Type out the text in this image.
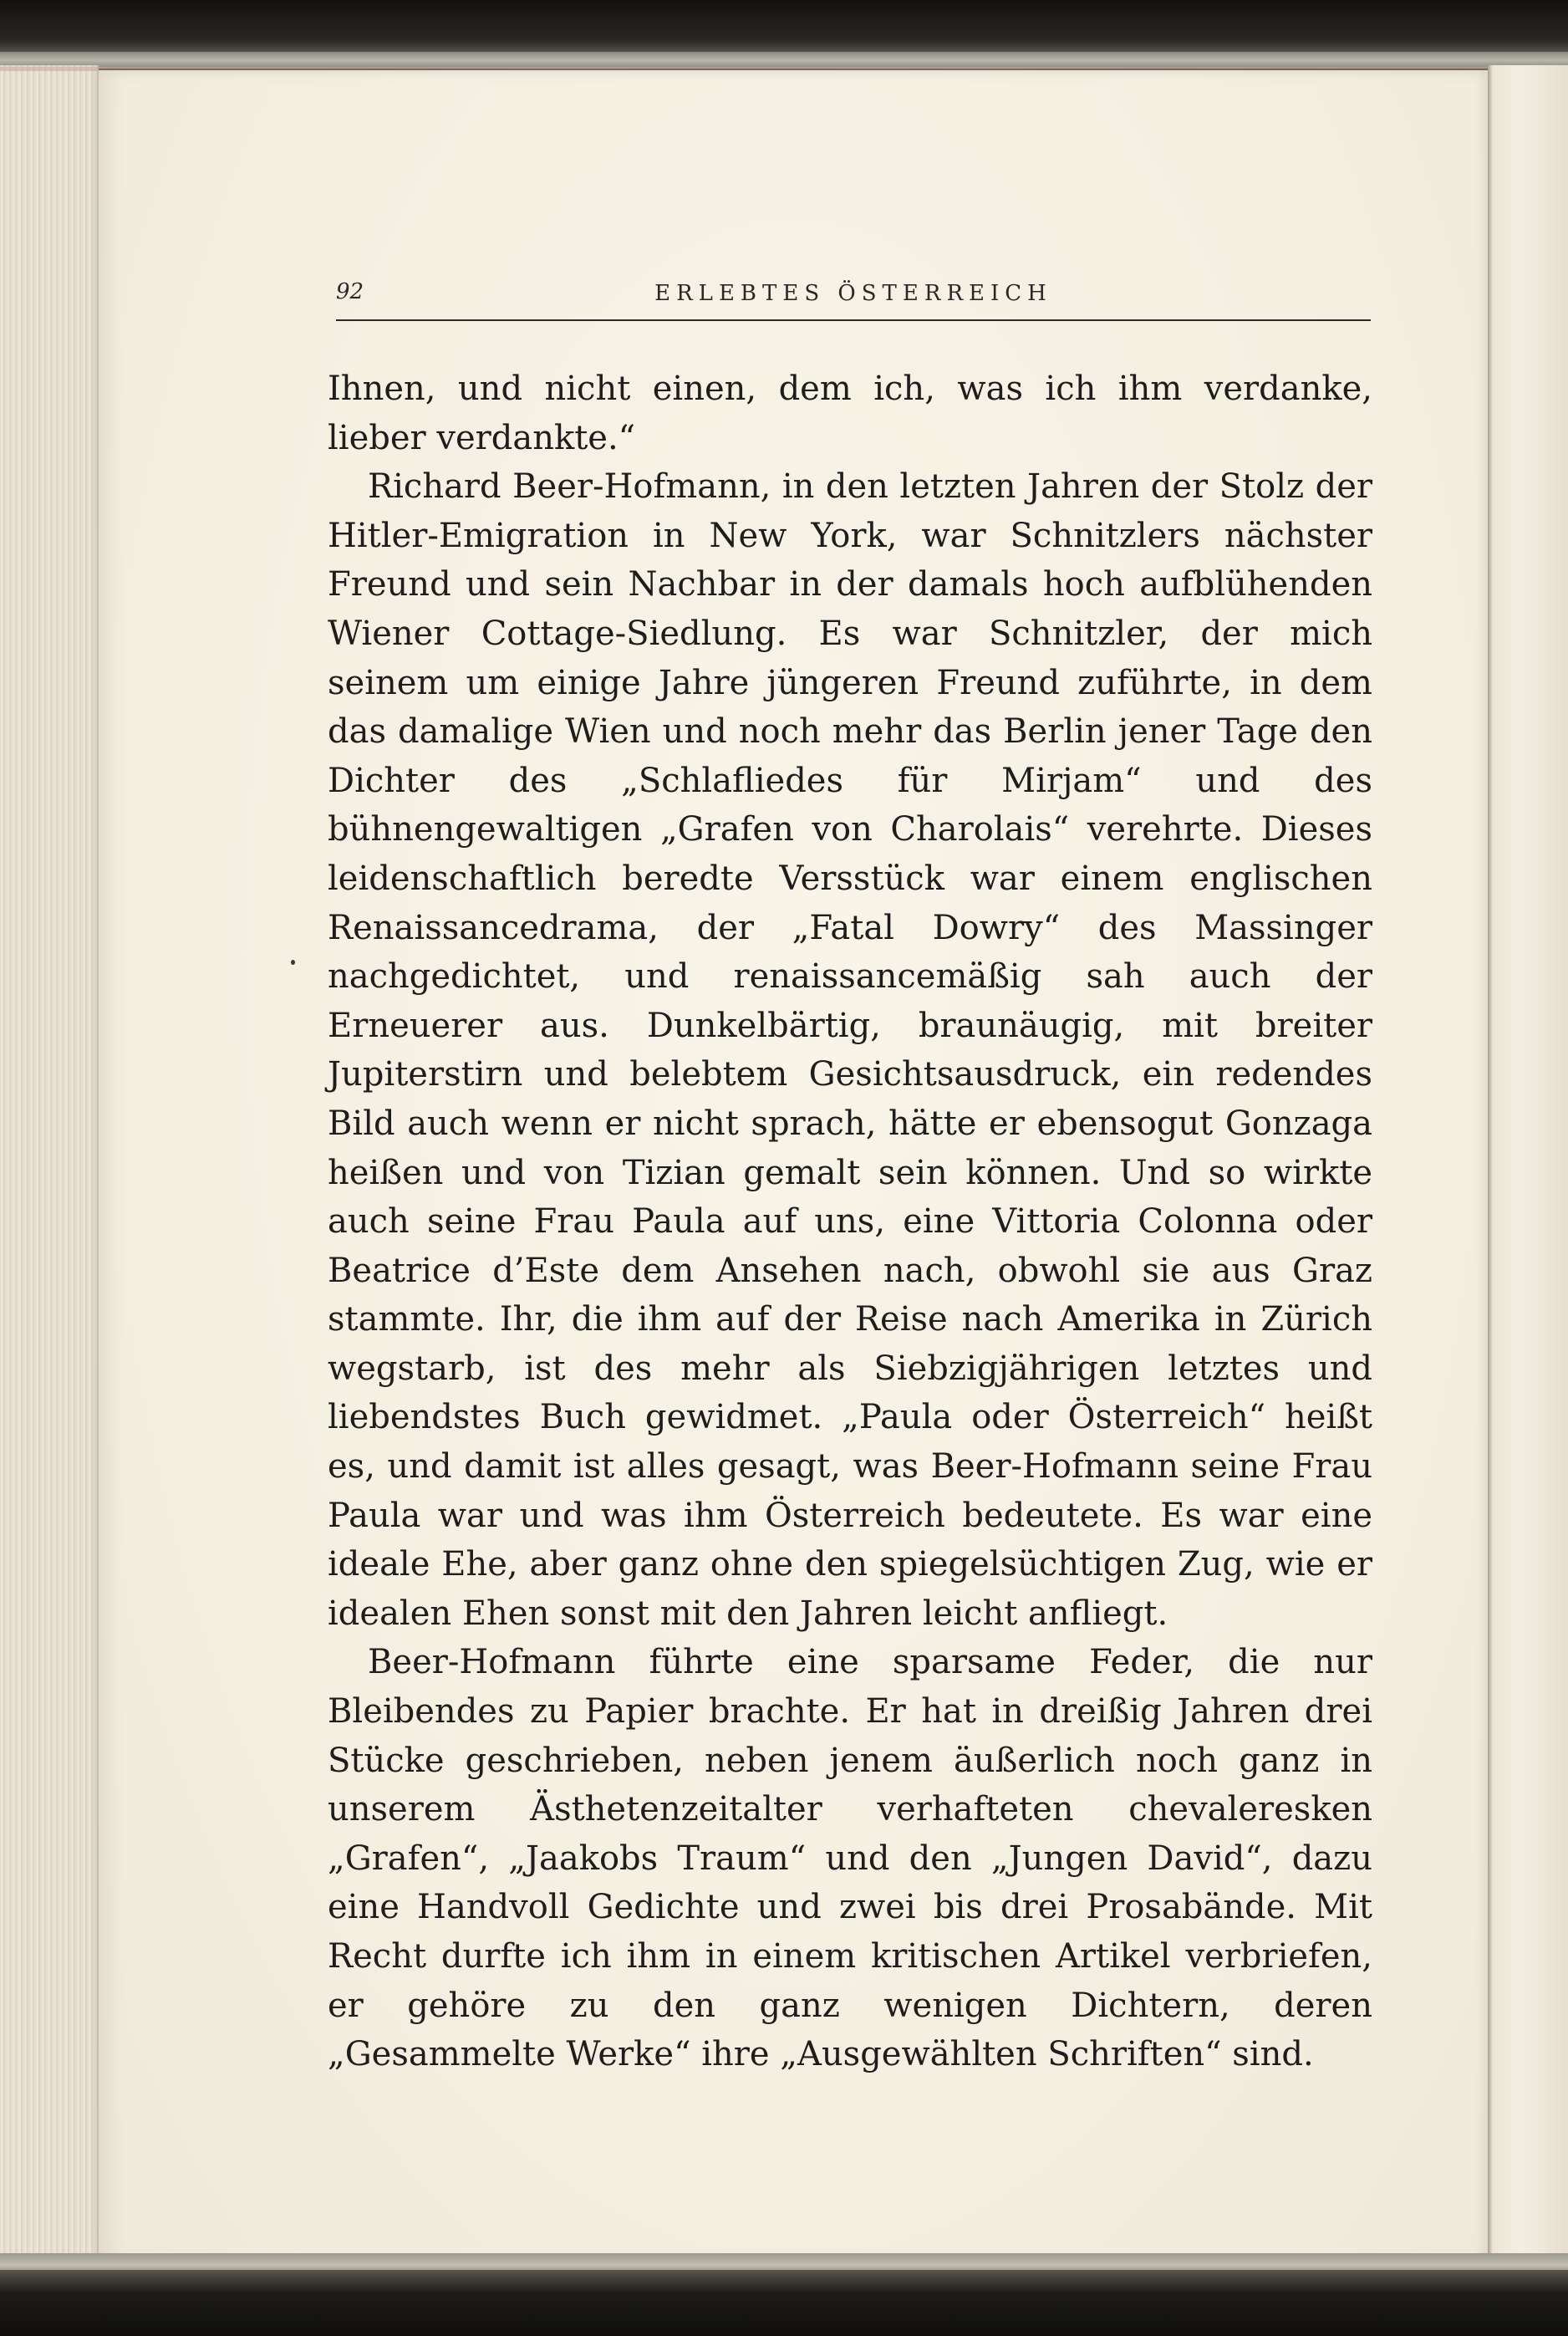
92	ERLEBTES ÖSTERREICH

Ihnen, und nicht einen, dem ich, was ich ihm verdanke, lieber verdankte.“

Richard Beer-Hofmann, in den letzten Jahren der Stolz der Hitler-Emigration in New York, war Schnitzlers nächster Freund und sein Nachbar in der damals hoch aufblühenden Wiener Cottage-Siedlung. Es war Schnitzler, der mich seinem um einige Jahre jüngeren Freund zuführte, in dem das damalige Wien und noch mehr das Berlin jener Tage den Dichter des „Schlafliedes für Mirjam“ und des bühnengewaltigen „Grafen von Charolais“ verehrte. Dieses leidenschaftlich beredte Versstück war einem englischen Renaissancedrama, der „Fatal Dowry“ des Massinger nachgedichtet, und renaissancemäßig sah auch der Erneuerer aus. Dunkelbärtig, braunäugig, mit breiter Jupiterstirn und belebtem Gesichtsausdruck, ein redendes Bild auch wenn er nicht sprach, hätte er ebensogut Gonzaga heißen und von Tizian gemalt sein können. Und so wirkte auch seine Frau Paula auf uns, eine Vittoria Colonna oder Beatrice d’Este dem Ansehen nach, obwohl sie aus Graz stammte. Ihr, die ihm auf der Reise nach Amerika in Zürich wegstarb, ist des mehr als Siebzigjährigen letztes und liebendstes Buch gewidmet. „Paula oder Österreich“ heißt es, und damit ist alles gesagt, was Beer-Hofmann seine Frau Paula war und was ihm Österreich bedeutete. Es war eine ideale Ehe, aber ganz ohne den spiegelsüchtigen Zug, wie er idealen Ehen sonst mit den Jahren leicht anfliegt.

Beer-Hofmann führte eine sparsame Feder, die nur Bleibendes zu Papier brachte. Er hat in dreißig Jahren drei Stücke geschrieben, neben jenem äußerlich noch ganz in unserem Ästhetenzeitalter verhafteten chevaleresken „Grafen“, „Jaakobs Traum“ und den „Jungen David“, dazu eine Handvoll Gedichte und zwei bis drei Prosabände. Mit Recht durfte ich ihm in einem kritischen Artikel verbriefen, er gehöre zu den ganz wenigen Dichtern, deren „Gesammelte Werke“ ihre „Ausgewählten Schriften“ sind.
